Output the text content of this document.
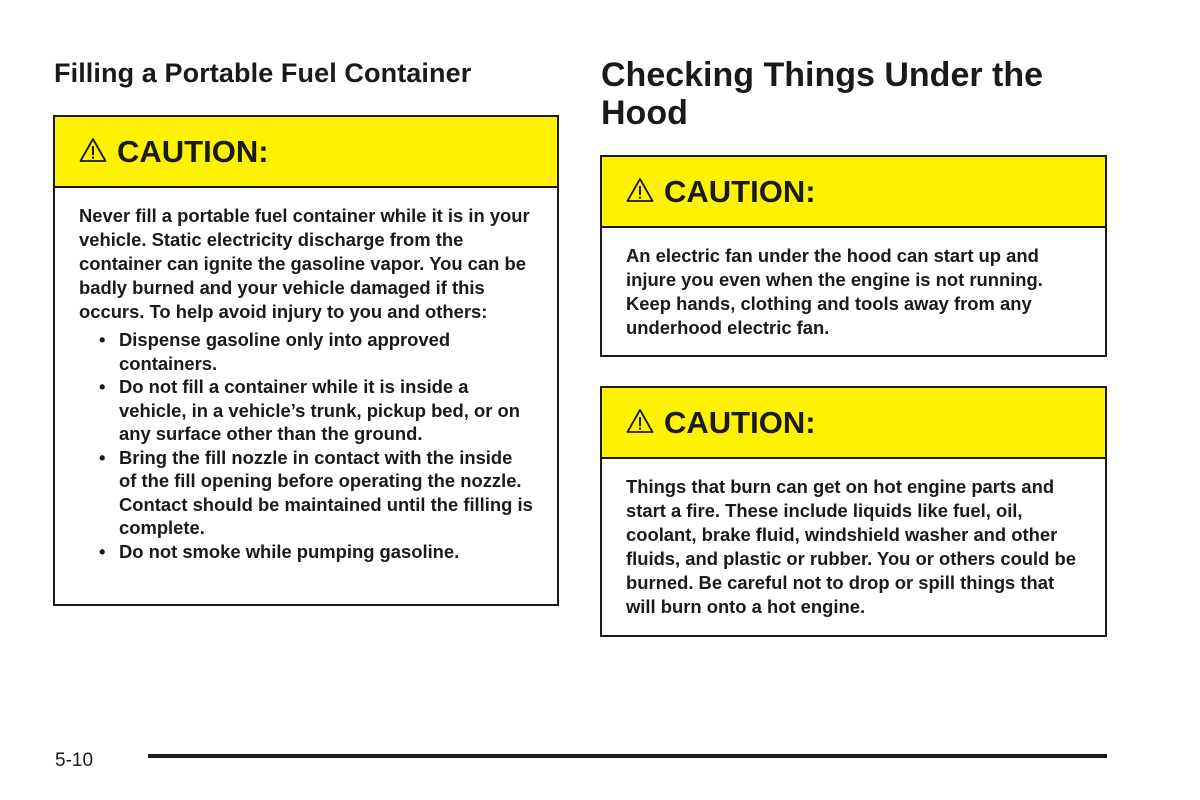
Filling a Portable Fuel Container
CAUTION:

Never fill a portable fuel container while it is in your vehicle. Static electricity discharge from the container can ignite the gasoline vapor. You can be badly burned and your vehicle damaged if this occurs. To help avoid injury to you and others:

• Dispense gasoline only into approved containers.
• Do not fill a container while it is inside a vehicle, in a vehicle’s trunk, pickup bed, or on any surface other than the ground.
• Bring the fill nozzle in contact with the inside of the fill opening before operating the nozzle. Contact should be maintained until the filling is complete.
• Do not smoke while pumping gasoline.
Checking Things Under the Hood
CAUTION:

An electric fan under the hood can start up and injure you even when the engine is not running. Keep hands, clothing and tools away from any underhood electric fan.

CAUTION:

Things that burn can get on hot engine parts and start a fire. These include liquids like fuel, oil, coolant, brake fluid, windshield washer and other fluids, and plastic or rubber. You or others could be burned. Be careful not to drop or spill things that will burn onto a hot engine.

5-10
